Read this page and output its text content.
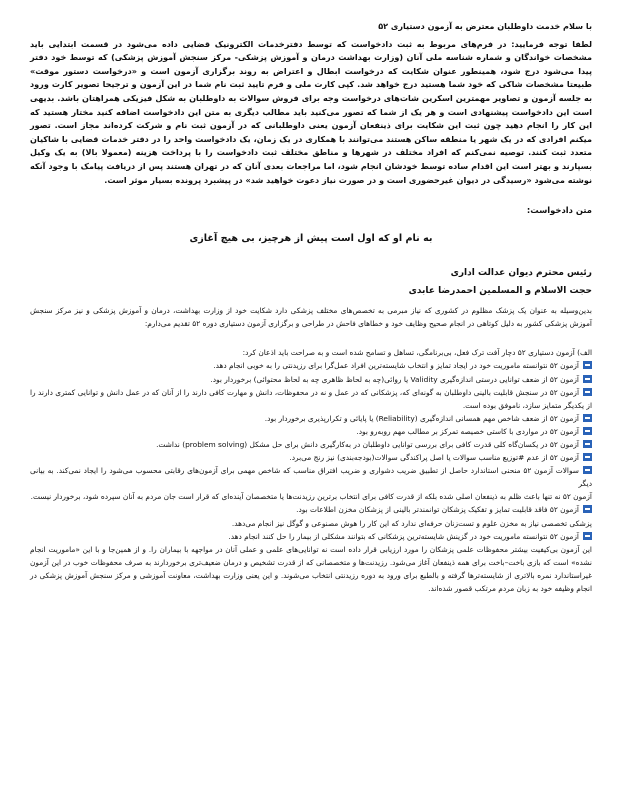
با سلام خدمت داوطلبان معترض به آزمون دستیاری ۵۲

لطفا توجه فرمایید: در فرم‌های مربوط به ثبت دادخواست که توسط دفترخدمات الکترونیک قضایی داده می‌شود در قسمت ابتدایی باید مشخصات خواندگان و شماره شناسه ملی آنان (وزارت بهداشت درمان و آموزش پزشکی- مرکز سنجش آموزش پزشکی) که توسط خود دفتر پیدا می‌شود درج شود، همینطور عنوان شکایت که درخواست ابطال و اعتراض به روند برگزاری آزمون است و «درخواست دستور موقت» طبیعتا مشخصات شاکی که خود شما هستید درج خواهد شد. کپی کارت ملی و فرم تایید ثبت نام شما در این آزمون و ترجیحا تصویر کارت ورود به جلسه آزمون و تصاویر مهمترین اسکرین شات‌های درخواست وجه برای فروش سوالات به داوطلبان به شکل فیزیکی همراهتان باشد. بدیهی است این دادخواست پیشنهادی است و هر یک از شما که تصور می‌کنید باید مطالب دیگری به متن این دادخواست اضافه کنید مختار هستید که این کار را انجام دهید چون ثبت این شکایت برای ذینفعان آزمون یعنی داوطلبانی که در آزمون ثبت نام و شرکت کرده‌اند مجاز است. تصور میکنم افرادی که در یک شهر یا منطقه ساکن هستند می‌توانند با همکاری در یک زمان، یک دادخواست واحد را در دفتر خدمات قضایی با شاکیان متعدد ثبت کنند. توصیه نمی‌کنم که افراد مختلف در شهرها و مناطق مختلف ثبت دادخواست را با پرداخت هزینه (معمولا بالا) به یک وکیل بسپارند و بهتر است این اقدام ساده توسط خودشان انجام شود، اما مراجعات بعدی آنان که در تهران هستند پس از دریافت پیامک با وجود آنکه نوشته می‌شود «رسیدگی در دیوان غیرحضوری است و در صورت نیاز دعوت خواهید شد» در پیشبرد پرونده بسیار موثر است.

متن دادخواست:

به نام او که اول است پیش از هرچیز، بی هیچ آغازی

رئیس محترم دیوان عدالت اداری
حجت الاسلام و المسلمین احمدرضا عابدی

بدین‌وسیله به عنوان یک پزشک مظلوم در کشوری که نیاز مبرمی به تخصص‌های مختلف پزشکی دارد شکایت خود از وزارت بهداشت، درمان و آموزش پزشکی و نیز مرکز سنجش آموزش پزشکی کشور به دلیل کوتاهی در انجام صحیح وظایف خود و خطاهای فاحش در طراحی و برگزاری آزمون دستیاری دوره ۵۲ تقدیم می‌دارم:

الف) آزمون دستیاری ۵۲ دچار آفت ترک فعل، بی‌برنامگی، تساهل و تسامح شده است و به صراحت باید اذعان کرد:

آزمون ۵۲ نتوانسته ماموریت خود در ایجاد تمایز و انتخاب شایسته‌ترین افراد عمل‌گرا برای رزیدنتی را به خوبی انجام دهد.

آزمون ۵۲ از ضعف توانایی درستی اندازه‌گیری Validity یا روائی(چه به لحاظ ظاهری چه به لحاظ محتوائی) برخوردار بود.

آزمون ۵۲ در سنجش قابلیت بالینی داوطلبان به گونه‌ای که، پزشکانی که در عمل و نه در محفوظات، دانش و مهارت کافی دارند را از آنان که در عمل دانش و توانایی کمتری دارند را از یکدیگر متمایز سازد، ناموفق بوده است.

آزمون ۵۲ از ضعف شاخص مهم همسانی اندازه‌گیری (Reliability) یا پایائی و تکرارپذیری برخوردار بود.

آزمون ۵۲ در مواردی با کاستی خصیصه تمرکز بر مطالب مهم روبه‌رو بود.

آزمون ۵۲ در یکسان‌گاه کلی قدرت کافی برای بررسی توانایی داوطلبان در به‌کارگیری دانش برای حل مشکل (problem solving) نداشت.

آزمون ۵۲ از عدم #توزیع مناسب سوالات یا اصل پراکندگی سوالات(بودجه‌بندی) نیز رنج می‌برد.

سوالات آزمون ۵۲ منحنی استاندارد حاصل از تطبیق ضریب دشواری و ضریب افتراق مناسب که شاخص مهمی برای آزمون‌های رقابتی محسوب می‌شود را ایجاد نمی‌کند. به بیانی دیگر

آزمون ۵۲ نه تنها باعث ظلم به ذینفعان اصلی شده بلکه از قدرت کافی برای انتخاب برترین رزیدنت‌ها یا متخصصان آینده‌ای که قرار است جان مردم به آنان سپرده شود، برخوردار نیست.

آزمون ۵۲ فاقد قابلیت تمایز و تفکیک پزشکان توانمندتر بالینی از پزشکان مخزن اطلاعات بود.

پزشکی تخصصی نیاز به مخزن علوم و تست‌زنان حرفه‌ای ندارد که این کار را هوش مصنوعی و گوگل نیز انجام می‌دهد.

آزمون ۵۲ نتوانسته ماموریت خود در گزینش شایسته‌ترین پزشکانی که بتوانند مشکلی از بیمار را حل کنند انجام دهد.

این آزمون بی‌کیفیت بیشتر محفوظات علمی پزشکان را مورد ارزیابی قرار داده است نه توانایی‌های علمی و عملی آنان در مواجهه با بیماران را. و از همین‌جا و با این «ماموریت انجام نشده» است که بازی باخت–باخت برای همه ذینفعان آغاز می‌شود. رزیدنت‌ها و متخصصانی که از قدرت تشخیص و درمان ضعیف‌تری برخوردارند به صرف محفوظات خوب در این آزمون غیراستاندارد نمره بالاتری از شایسته‌ترها گرفته و بالطبع برای ورود به دوره رزیدنتی انتخاب می‌شوند. و این یعنی وزارت بهداشت، معاونت آموزشی و مرکز سنجش آموزش پزشکی در انجام وظیفه خود به زبان مردم مرتکب قصور شده‌اند.
